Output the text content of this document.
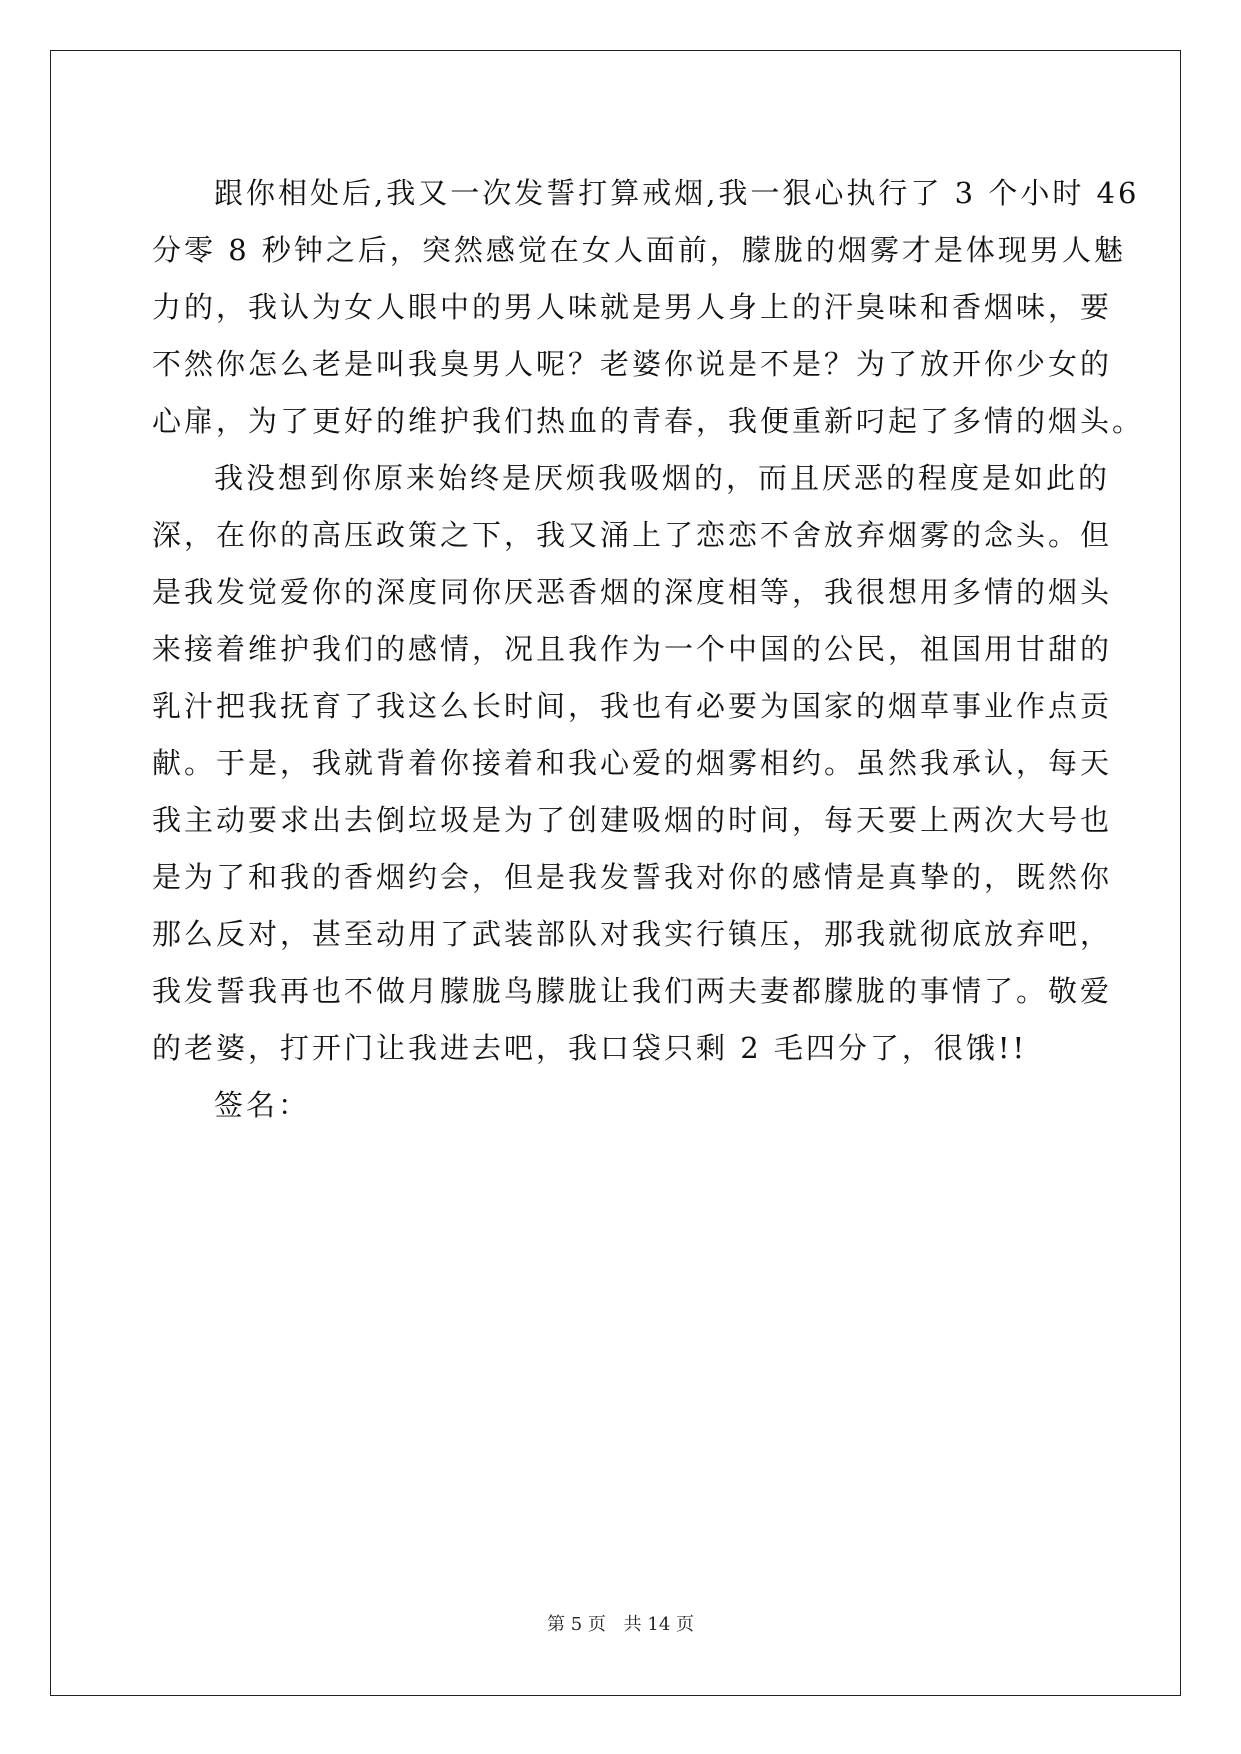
跟你相处后,我又一次发誓打算戒烟,我一狠心执行了 3 个小时 46
分零 8 秒钟之后，突然感觉在女人面前，朦胧的烟雾才是体现男人魅
力的，我认为女人眼中的男人味就是男人身上的汗臭味和香烟味，要
不然你怎么老是叫我臭男人呢？老婆你说是不是？为了放开你少女的
心扉，为了更好的维护我们热血的青春，我便重新叼起了多情的烟头。
我没想到你原来始终是厌烦我吸烟的，而且厌恶的程度是如此的
深，在你的高压政策之下，我又涌上了恋恋不舍放弃烟雾的念头。但
是我发觉爱你的深度同你厌恶香烟的深度相等，我很想用多情的烟头
来接着维护我们的感情，况且我作为一个中国的公民，祖国用甘甜的
乳汁把我抚育了我这么长时间，我也有必要为国家的烟草事业作点贡
献。于是，我就背着你接着和我心爱的烟雾相约。虽然我承认，每天
我主动要求出去倒垃圾是为了创建吸烟的时间，每天要上两次大号也
是为了和我的香烟约会，但是我发誓我对你的感情是真挚的，既然你
那么反对，甚至动用了武装部队对我实行镇压，那我就彻底放弃吧，
我发誓我再也不做月朦胧鸟朦胧让我们两夫妻都朦胧的事情了。敬爱
的老婆，打开门让我进去吧，我口袋只剩 2 毛四分了，很饿!!
签名：
第 5 页 共 14 页
